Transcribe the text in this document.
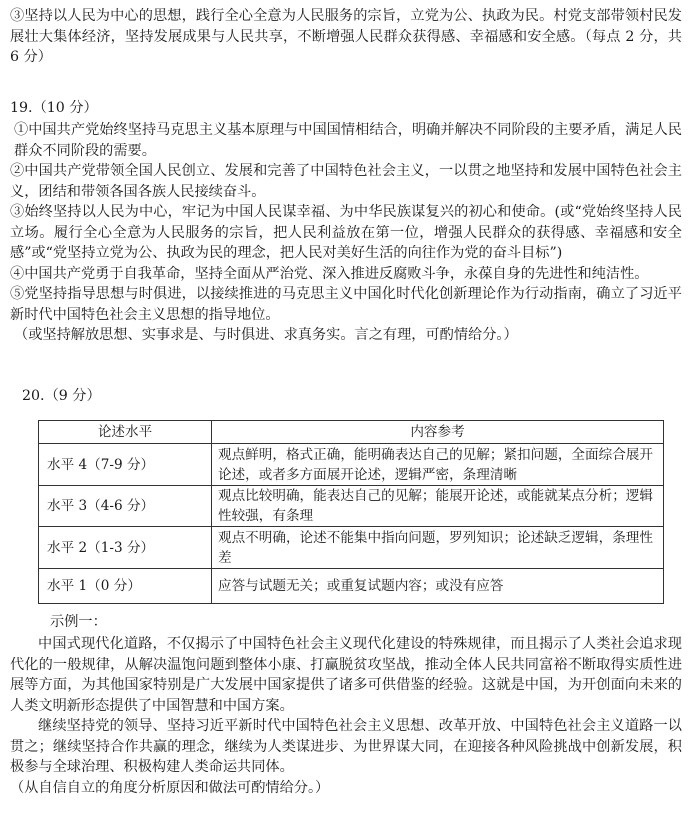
③坚持以人民为中心的思想，践行全心全意为人民服务的宗旨，立党为公、执政为民。村党支部带领村民发展壮大集体经济，坚持发展成果与人民共享，不断增强人民群众获得感、幸福感和安全感。（每点 2 分，共 6 分）

19.（10 分）

①中国共产党始终坚持马克思主义基本原理与中国国情相结合，明确并解决不同阶段的主要矛盾，满足人民群众不同阶段的需要。

②中国共产党带领全国人民创立、发展和完善了中国特色社会主义，一以贯之地坚持和发展中国特色社会主义，团结和带领各国各族人民接续奋斗。

③始终坚持以人民为中心，牢记为中国人民谋幸福、为中华民族谋复兴的初心和使命。(或“党始终坚持人民立场。履行全心全意为人民服务的宗旨，把人民利益放在第一位，增强人民群众的获得感、幸福感和安全感”或“党坚持立党为公、执政为民的理念，把人民对美好生活的向往作为党的奋斗目标”)

④中国共产党勇于自我革命，坚持全面从严治党、深入推进反腐败斗争，永葆自身的先进性和纯洁性。

⑤党坚持指导思想与时俱进，以接续推进的马克思主义中国化时代化创新理论作为行动指南，确立了习近平新时代中国特色社会主义思想的指导地位。

（或坚持解放思想、实事求是、与时俱进、求真务实。言之有理，可酌情给分。）

20.（9 分）

论述水平	内容参考
水平 4（7-9 分）	观点鲜明，格式正确，能明确表达自己的见解；紧扣问题，全面综合展开论述，或者多方面展开论述，逻辑严密，条理清晰
水平 3（4-6 分）	观点比较明确，能表达自己的见解；能展开论述，或能就某点分析；逻辑性较强，有条理
水平 2（1-3 分）	观点不明确，论述不能集中指向问题，罗列知识；论述缺乏逻辑，条理性差
水平 1（0 分）	应答与试题无关；或重复试题内容；或没有应答

示例一：

中国式现代化道路，不仅揭示了中国特色社会主义现代化建设的特殊规律，而且揭示了人类社会追求现代化的一般规律，从解决温饱问题到整体小康、打赢脱贫攻坚战，推动全体人民共同富裕不断取得实质性进展等方面，为其他国家特别是广大发展中国家提供了诸多可供借鉴的经验。这就是中国，为开创面向未来的人类文明新形态提供了中国智慧和中国方案。

继续坚持党的领导、坚持习近平新时代中国特色社会主义思想、改革开放、中国特色社会主义道路一以贯之；继续坚持合作共赢的理念，继续为人类谋进步、为世界谋大同，在迎接各种风险挑战中创新发展，积极参与全球治理、积极构建人类命运共同体。

（从自信自立的角度分析原因和做法可酌情给分。）
